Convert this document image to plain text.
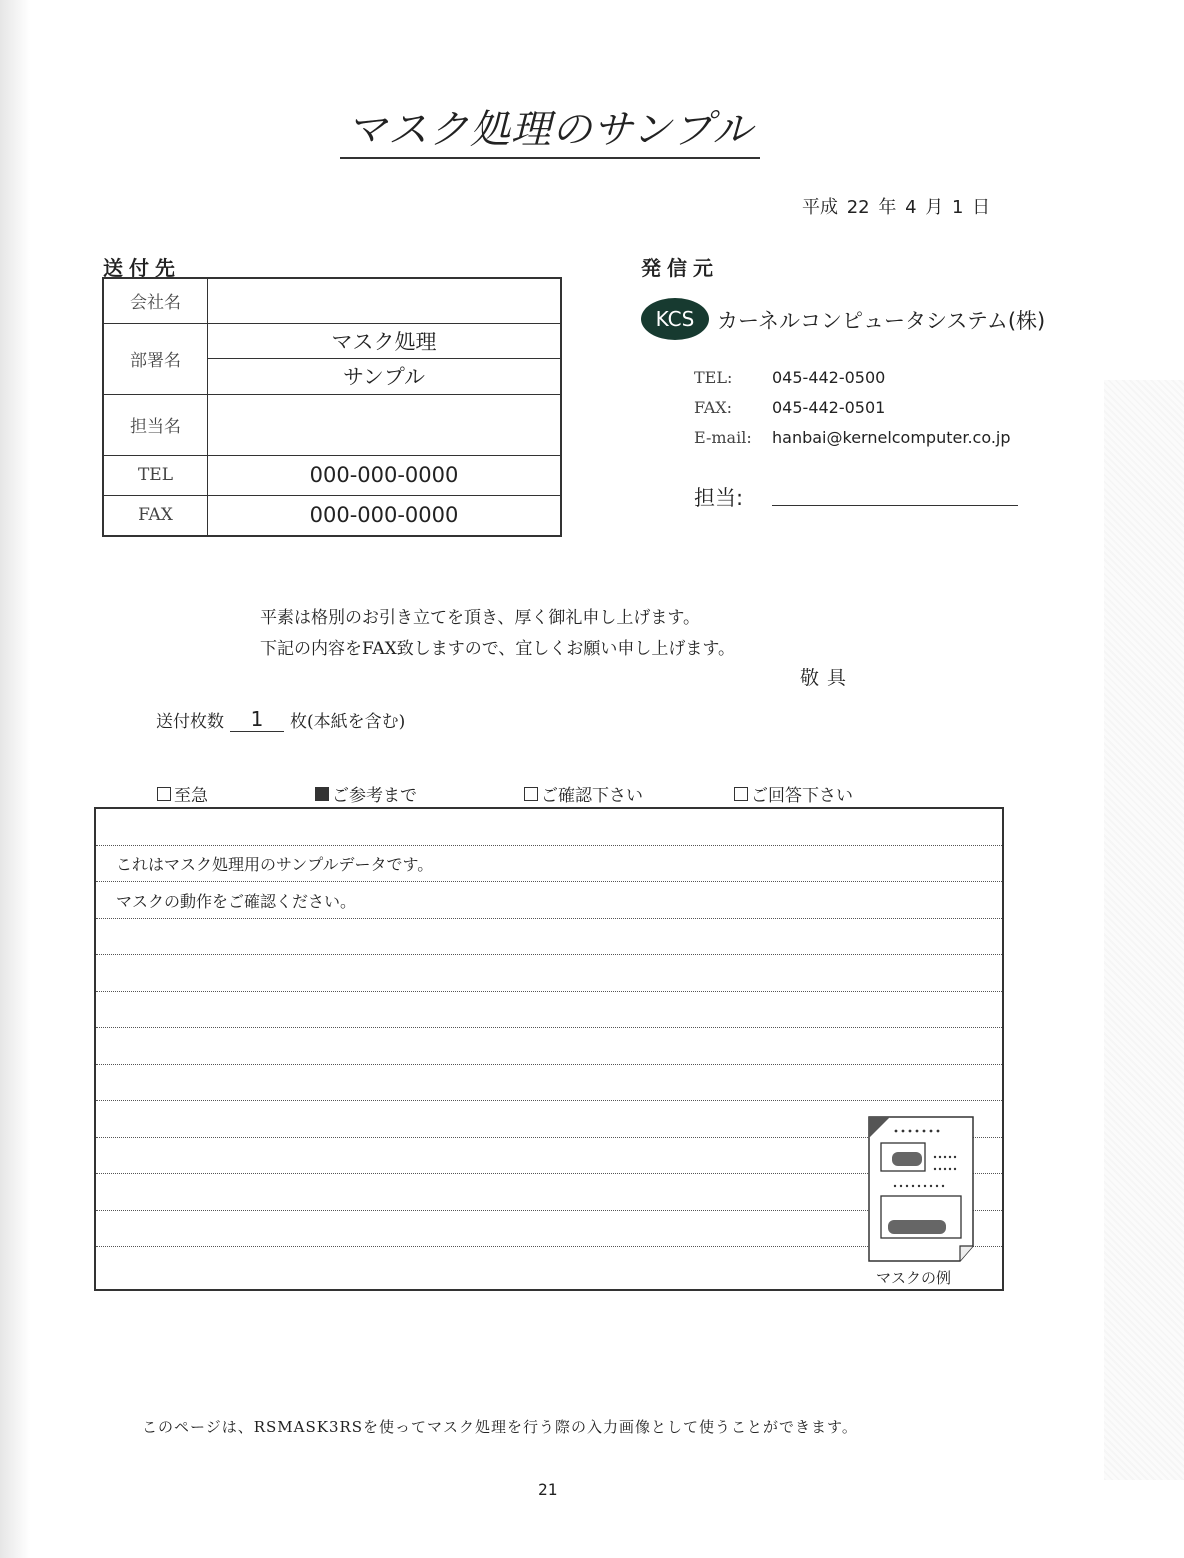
マスク処理のサンプル
平成 22 年 4 月 1 日
送付先	発信元
会社名	
部署名	マスク処理
	サンプル
担当名	
TEL	000-000-0000
FAX	000-000-0000
KCS	カーネルコンピュータシステム(株)
TEL: 045-442-0500
FAX: 045-442-0501
E-mail: hanbai@kernelcomputer.co.jp
担当:
平素は格別のお引き立てを頂き、厚く御礼申し上げます。
下記の内容をFAX致しますので、宜しくお願い申し上げます。
敬具
送付枚数	1	枚(本紙を含む)
至急	ご参考まで	ご確認下さい	ご回答下さい
これはマスク処理用のサンプルデータです。
マスクの動作をご確認ください。
マスクの例
このページは、RSMASK3RSを使ってマスク処理を行う際の入力画像として使うことができます。
21
